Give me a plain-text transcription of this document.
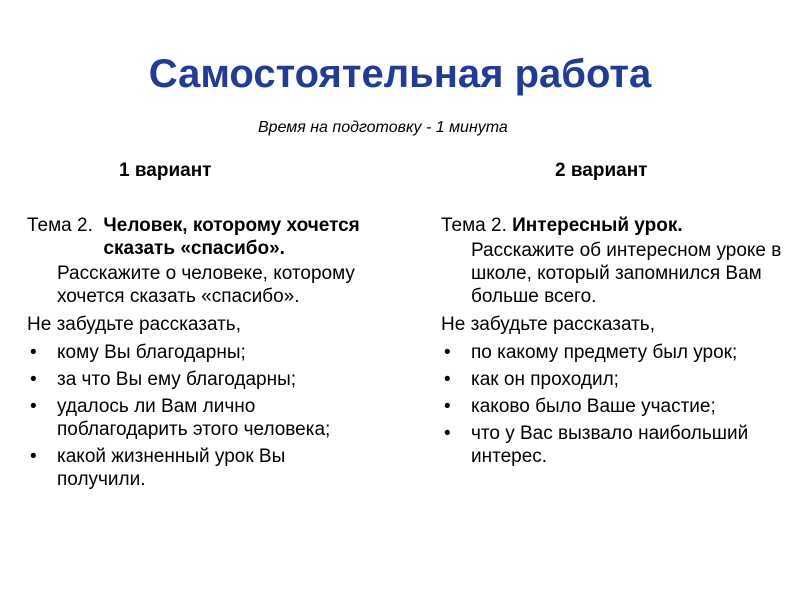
Самостоятельная работа
Время на подготовку - 1 минута
1 вариант	2 вариант
Тема 2. Человек, которому хочется сказать «спасибо».
Расскажите о человеке, которому хочется сказать «спасибо».
Не забудьте рассказать,
• кому Вы благодарны;
• за что Вы ему благодарны;
• удалось ли Вам лично поблагодарить этого человека;
• какой жизненный урок Вы получили.
Тема 2. Интересный урок.
Расскажите об интересном уроке в школе, который запомнился Вам больше всего.
Не забудьте рассказать,
• по какому предмету был урок;
• как он проходил;
• каково было Ваше участие;
• что у Вас вызвало наибольший интерес.
